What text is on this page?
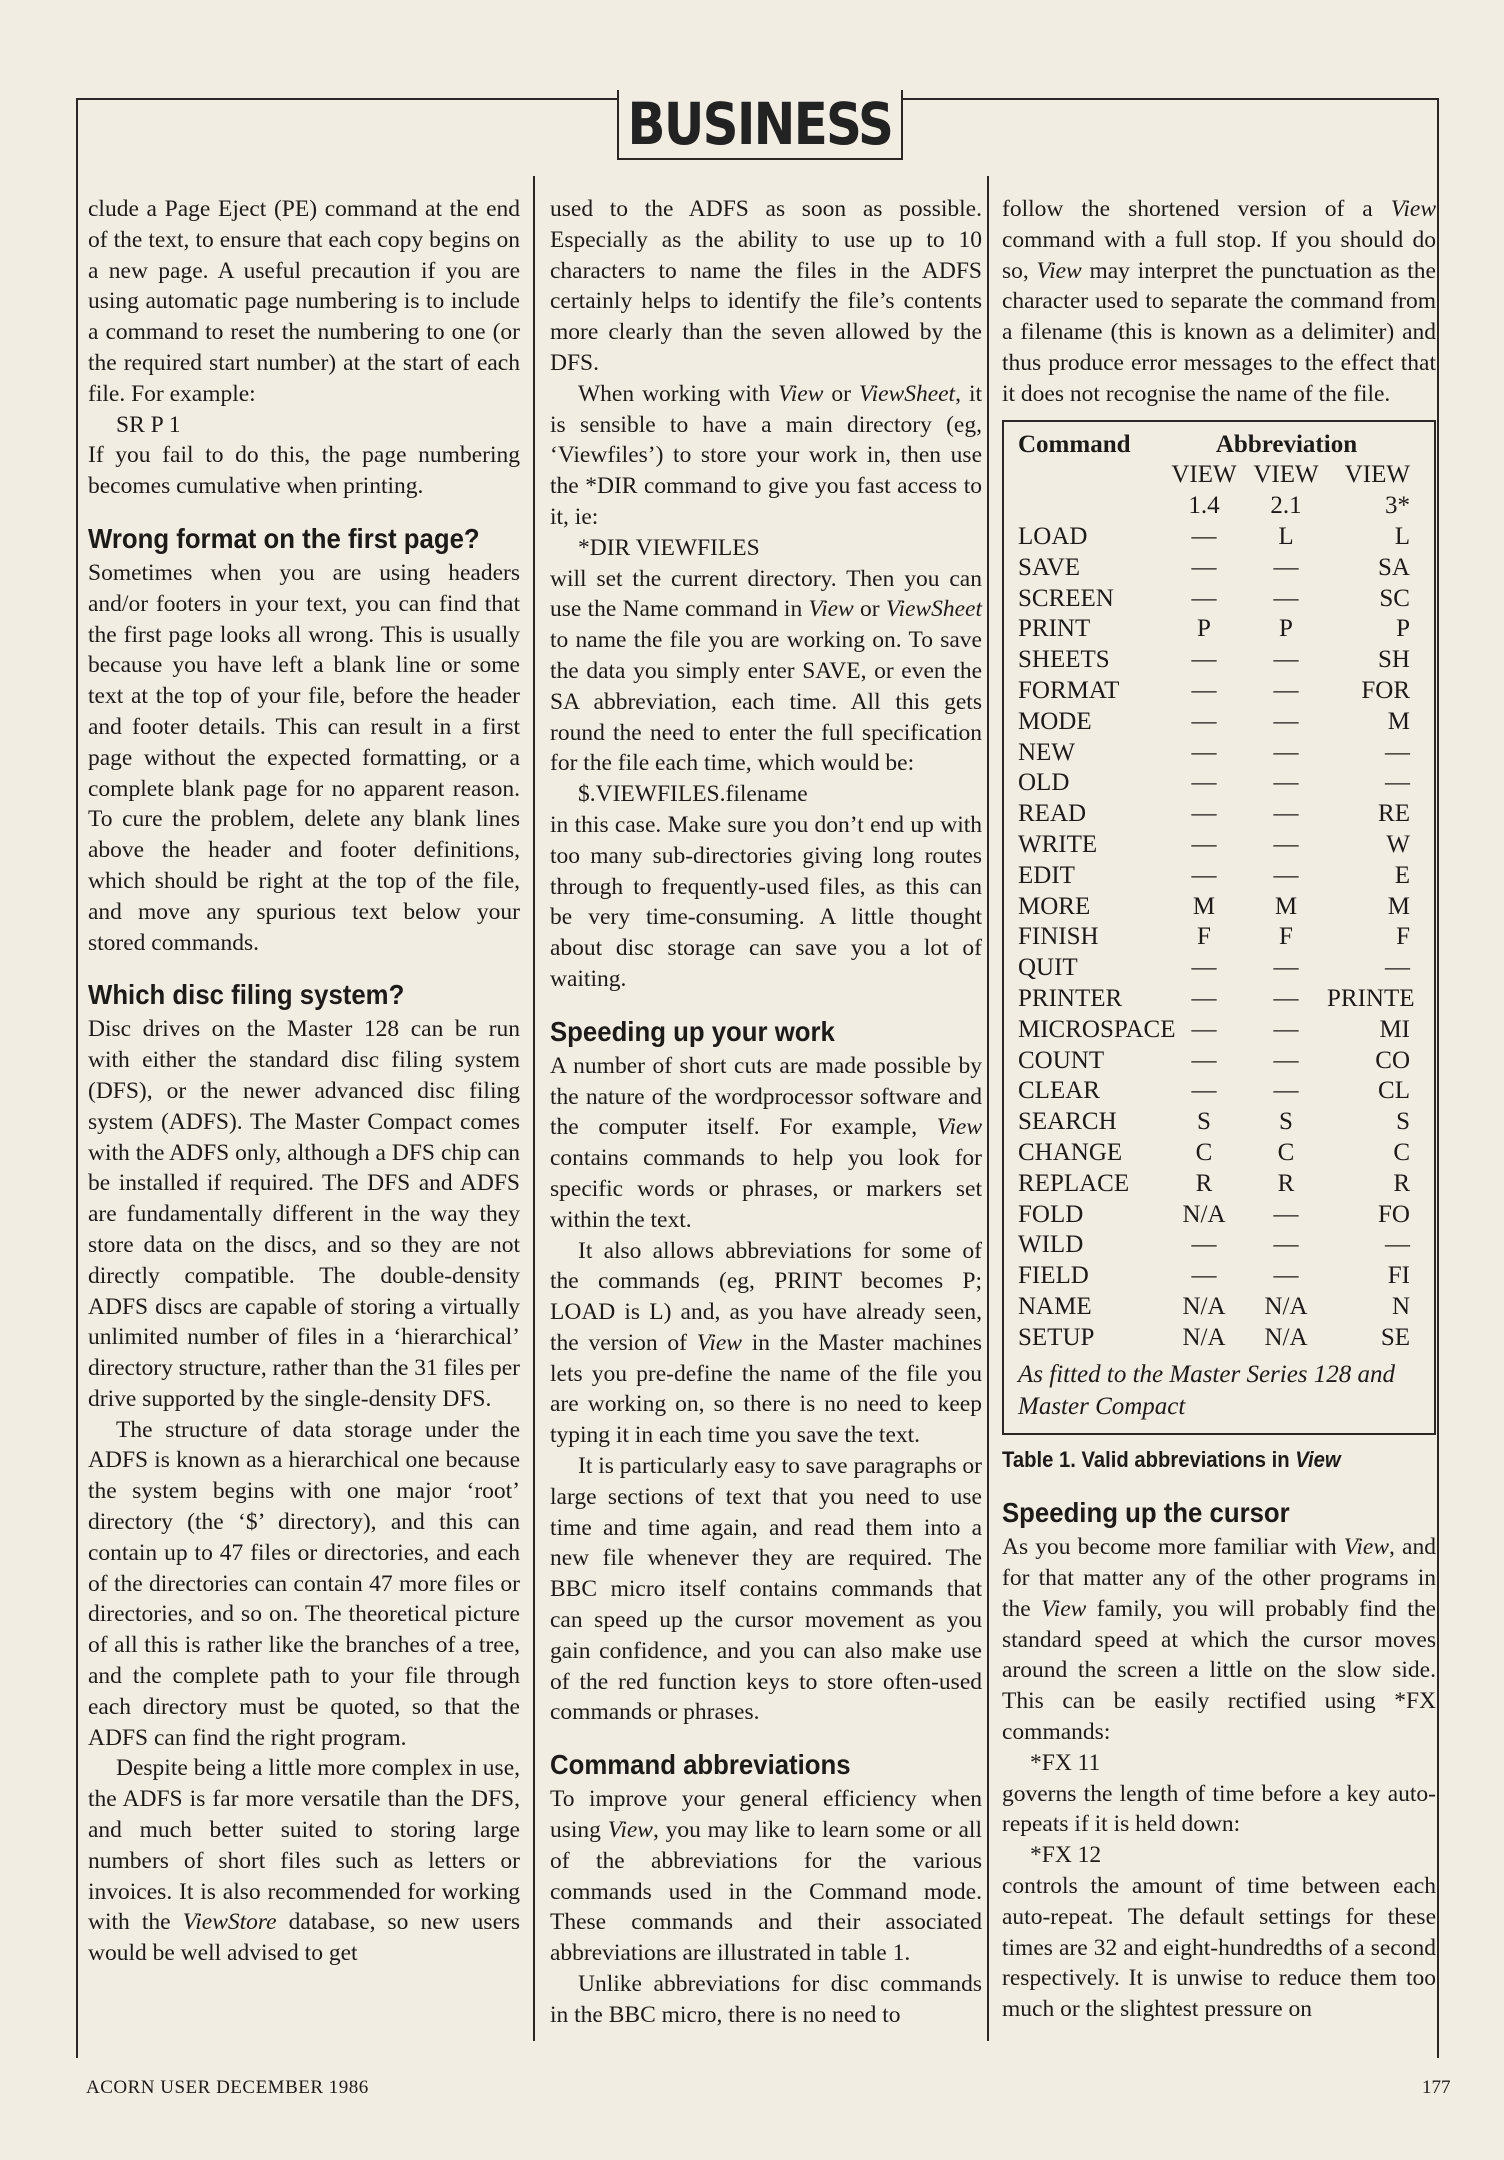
BUSINESS

clude a Page Eject (PE) command at the end of the text, to ensure that each copy begins on a new page. A useful precaution if you are using automatic page numbering is to include a command to reset the numbering to one (or the required start number) at the start of each file. For example:

SR P 1

If you fail to do this, the page numbering becomes cumulative when printing.

Wrong format on the first page?

Sometimes when you are using headers and/or footers in your text, you can find that the first page looks all wrong. This is usually because you have left a blank line or some text at the top of your file, before the header and footer details. This can result in a first page without the expected formatting, or a complete blank page for no apparent reason. To cure the problem, delete any blank lines above the header and footer definitions, which should be right at the top of the file, and move any spurious text below your stored commands.

Which disc filing system?

Disc drives on the Master 128 can be run with either the standard disc filing system (DFS), or the newer advanced disc filing system (ADFS). The Master Compact comes with the ADFS only, although a DFS chip can be installed if required. The DFS and ADFS are fundamentally different in the way they store data on the discs, and so they are not directly compatible. The double-density ADFS discs are capable of storing a virtually unlimited number of files in a ‘hierarchical’ directory structure, rather than the 31 files per drive supported by the single-density DFS.

The structure of data storage under the ADFS is known as a hierarchical one because the system begins with one major ‘root’ directory (the ‘$’ directory), and this can contain up to 47 files or directories, and each of the directories can contain 47 more files or directories, and so on. The theoretical picture of all this is rather like the branches of a tree, and the complete path to your file through each directory must be quoted, so that the ADFS can find the right program.

Despite being a little more complex in use, the ADFS is far more versatile than the DFS, and much better suited to storing large numbers of short files such as letters or invoices. It is also recommended for working with the ViewStore database, so new users would be well advised to get

used to the ADFS as soon as possible. Especially as the ability to use up to 10 characters to name the files in the ADFS certainly helps to identify the file’s contents more clearly than the seven allowed by the DFS.

When working with View or ViewSheet, it is sensible to have a main directory (eg, ‘Viewfiles’) to store your work in, then use the *DIR command to give you fast access to it, ie:

*DIR VIEWFILES

will set the current directory. Then you can use the Name command in View or ViewSheet to name the file you are working on. To save the data you simply enter SAVE, or even the SA abbreviation, each time. All this gets round the need to enter the full specification for the file each time, which would be:

$.VIEWFILES.filename

in this case. Make sure you don’t end up with too many sub-directories giving long routes through to frequently-used files, as this can be very time-consuming. A little thought about disc storage can save you a lot of waiting.

Speeding up your work

A number of short cuts are made possible by the nature of the wordprocessor software and the computer itself. For example, View contains commands to help you look for specific words or phrases, or markers set within the text.

It also allows abbreviations for some of the commands (eg, PRINT becomes P; LOAD is L) and, as you have already seen, the version of View in the Master machines lets you pre-define the name of the file you are working on, so there is no need to keep typing it in each time you save the text.

It is particularly easy to save paragraphs or large sections of text that you need to use time and time again, and read them into a new file whenever they are required. The BBC micro itself contains commands that can speed up the cursor movement as you gain confidence, and you can also make use of the red function keys to store often-used commands or phrases.

Command abbreviations

To improve your general efficiency when using View, you may like to learn some or all of the abbreviations for the various commands used in the Command mode. These commands and their associated abbreviations are illustrated in table 1.

Unlike abbreviations for disc commands in the BBC micro, there is no need to

follow the shortened version of a View command with a full stop. If you should do so, View may interpret the punctuation as the character used to separate the command from a filename (this is known as a delimiter) and thus produce error messages to the effect that it does not recognise the name of the file.

Command	Abbreviation
VIEW VIEW	VIEW
1.4	2.1	3*
LOAD	—	L	L
SAVE	—	—	SA
SCREEN	—	—	SC
PRINT	P	P	P
SHEETS	—	—	SH
FORMAT	—	—	FOR
MODE	—	—	M
NEW	—	—	—
OLD	—	—	—
READ	—	—	RE
WRITE	—	—	W
EDIT	—	—	E
MORE	M	M	M
FINISH	F	F	F
QUIT	—	—	—
PRINTER	—	—	PRINTE
MICROSPACE —	—	MI
COUNT	—	—	CO
CLEAR	—	—	CL
SEARCH	S	S	S
CHANGE	C	C	C
REPLACE	R	R	R
FOLD	N/A	—	FO
WILD	—	—	—
FIELD	—	—	FI
NAME	N/A	N/A	N
SETUP	N/A	N/A	SE
As fitted to the Master Series 128 and Master Compact
Table 1. Valid abbreviations in View
Speeding up the cursor

As you become more familiar with View, and for that matter any of the other programs in the View family, you will probably find the standard speed at which the cursor moves around the screen a little on the slow side. This can be easily rectified using *FX commands:

*FX 11

governs the length of time before a key auto-repeats if it is held down:

*FX 12

controls the amount of time between each auto-repeat. The default settings for these times are 32 and eight-hundredths of a second respectively. It is unwise to reduce them too much or the slightest pressure on

ACORN USER DECEMBER 1986	177
